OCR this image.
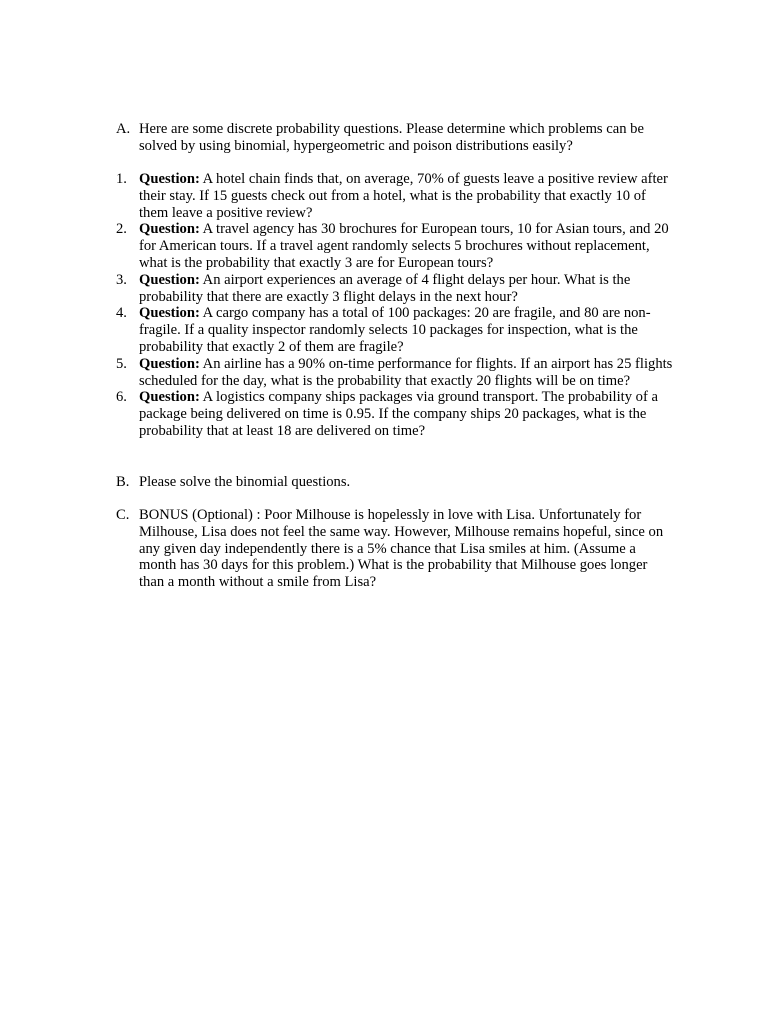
A. Here are some discrete probability questions. Please determine which problems can be solved by using binomial, hypergeometric and poison distributions easily?
1. Question: A hotel chain finds that, on average, 70% of guests leave a positive review after their stay. If 15 guests check out from a hotel, what is the probability that exactly 10 of them leave a positive review?
2. Question: A travel agency has 30 brochures for European tours, 10 for Asian tours, and 20 for American tours. If a travel agent randomly selects 5 brochures without replacement, what is the probability that exactly 3 are for European tours?
3. Question: An airport experiences an average of 4 flight delays per hour. What is the probability that there are exactly 3 flight delays in the next hour?
4. Question: A cargo company has a total of 100 packages: 20 are fragile, and 80 are non-fragile. If a quality inspector randomly selects 10 packages for inspection, what is the probability that exactly 2 of them are fragile?
5. Question: An airline has a 90% on-time performance for flights. If an airport has 25 flights scheduled for the day, what is the probability that exactly 20 flights will be on time?
6. Question: A logistics company ships packages via ground transport. The probability of a package being delivered on time is 0.95. If the company ships 20 packages, what is the probability that at least 18 are delivered on time?
B. Please solve the binomial questions.
C. BONUS (Optional) : Poor Milhouse is hopelessly in love with Lisa. Unfortunately for Milhouse, Lisa does not feel the same way. However, Milhouse remains hopeful, since on any given day independently there is a 5% chance that Lisa smiles at him. (Assume a month has 30 days for this problem.) What is the probability that Milhouse goes longer than a month without a smile from Lisa?
